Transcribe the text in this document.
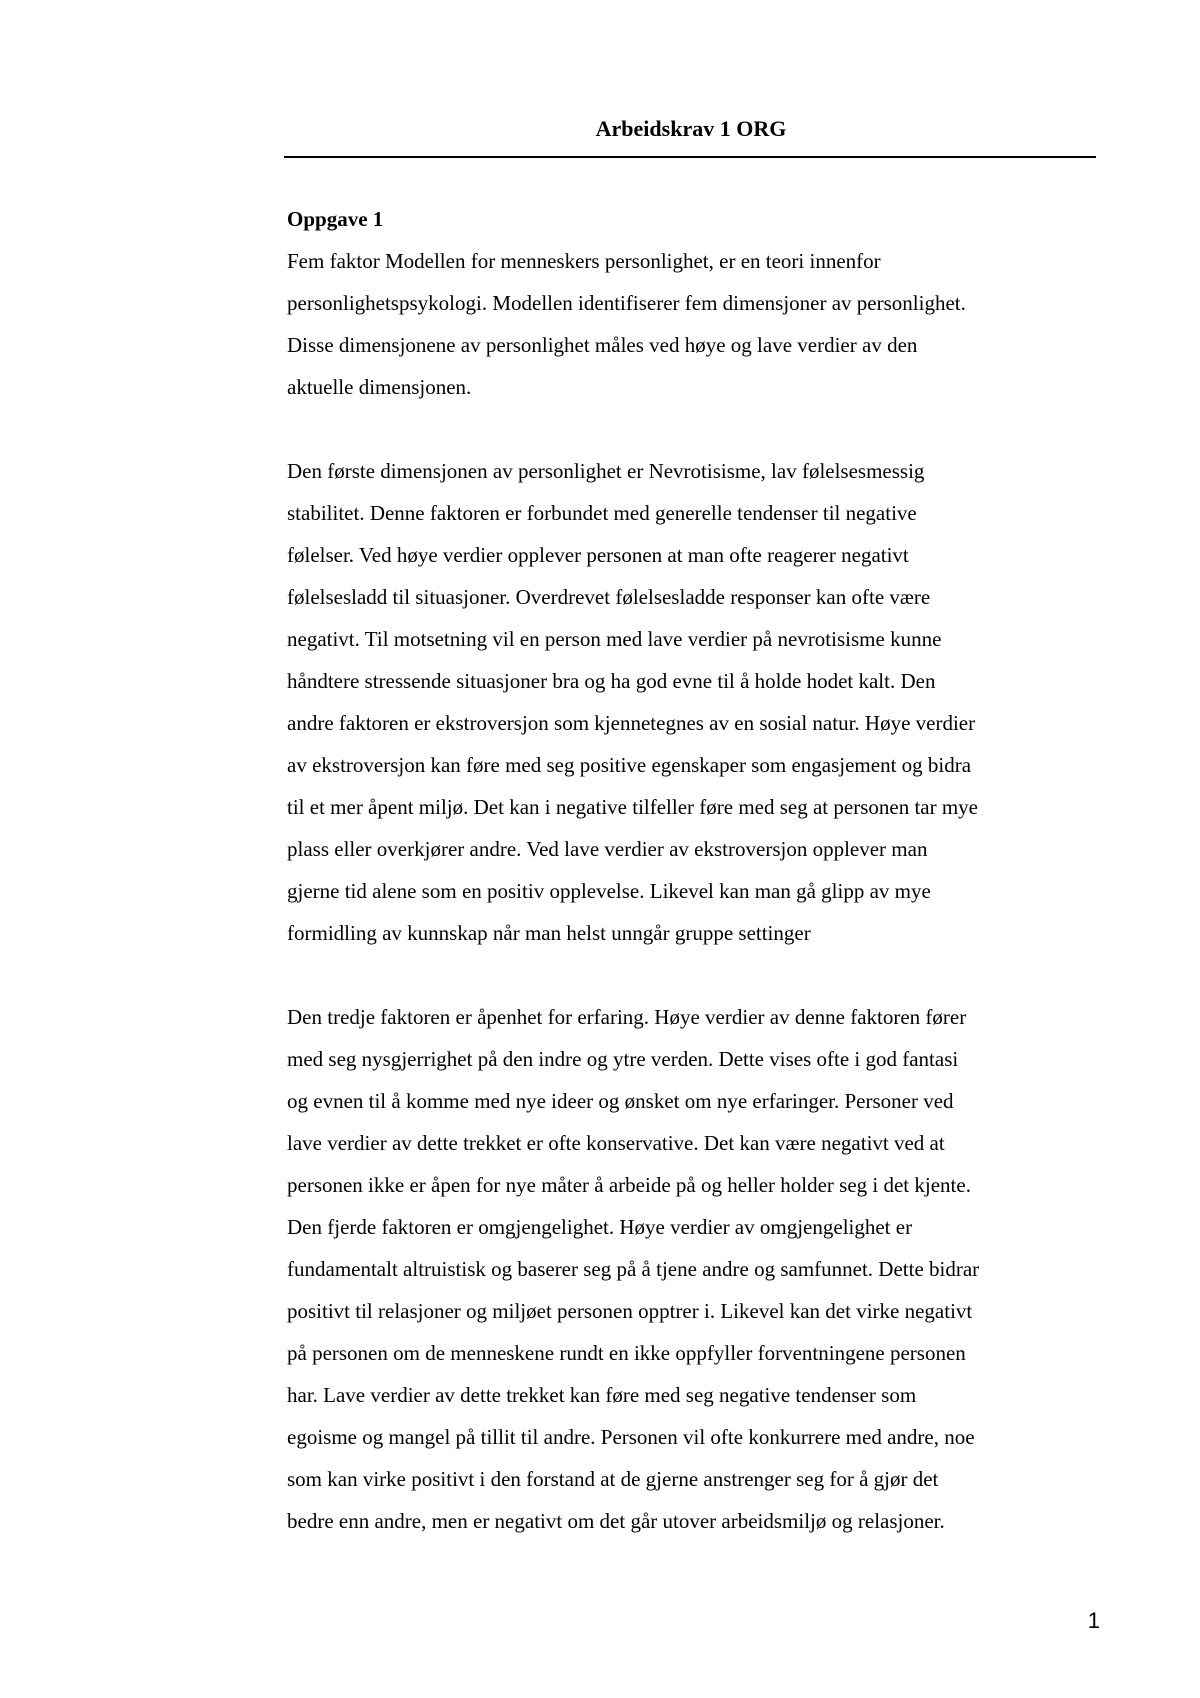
Arbeidskrav 1 ORG

Oppgave 1

Fem faktor Modellen for menneskers personlighet, er en teori innenfor
personlighetspsykologi. Modellen identifiserer fem dimensjoner av personlighet.
Disse dimensjonene av personlighet måles ved høye og lave verdier av den
aktuelle dimensjonen.

Den første dimensjonen av personlighet er Nevrotisisme, lav følelsesmessig
stabilitet. Denne faktoren er forbundet med generelle tendenser til negative
følelser. Ved høye verdier opplever personen at man ofte reagerer negativt
følelsesladd til situasjoner. Overdrevet følelsesladde responser kan ofte være
negativt. Til motsetning vil en person med lave verdier på nevrotisisme kunne
håndtere stressende situasjoner bra og ha god evne til å holde hodet kalt. Den
andre faktoren er ekstroversjon som kjennetegnes av en sosial natur. Høye verdier
av ekstroversjon kan føre med seg positive egenskaper som engasjement og bidra
til et mer åpent miljø. Det kan i negative tilfeller føre med seg at personen tar mye
plass eller overkjører andre. Ved lave verdier av ekstroversjon opplever man
gjerne tid alene som en positiv opplevelse. Likevel kan man gå glipp av mye
formidling av kunnskap når man helst unngår gruppe settinger

Den tredje faktoren er åpenhet for erfaring. Høye verdier av denne faktoren fører
med seg nysgjerrighet på den indre og ytre verden. Dette vises ofte i god fantasi
og evnen til å komme med nye ideer og ønsket om nye erfaringer. Personer ved
lave verdier av dette trekket er ofte konservative. Det kan være negativt ved at
personen ikke er åpen for nye måter å arbeide på og heller holder seg i det kjente.
Den fjerde faktoren er omgjengelighet. Høye verdier av omgjengelighet er
fundamentalt altruistisk og baserer seg på å tjene andre og samfunnet. Dette bidrar
positivt til relasjoner og miljøet personen opptrer i. Likevel kan det virke negativt
på personen om de menneskene rundt en ikke oppfyller forventningene personen
har. Lave verdier av dette trekket kan føre med seg negative tendenser som
egoisme og mangel på tillit til andre. Personen vil ofte konkurrere med andre, noe
som kan virke positivt i den forstand at de gjerne anstrenger seg for å gjør det
bedre enn andre, men er negativt om det går utover arbeidsmiljø og relasjoner.

1
